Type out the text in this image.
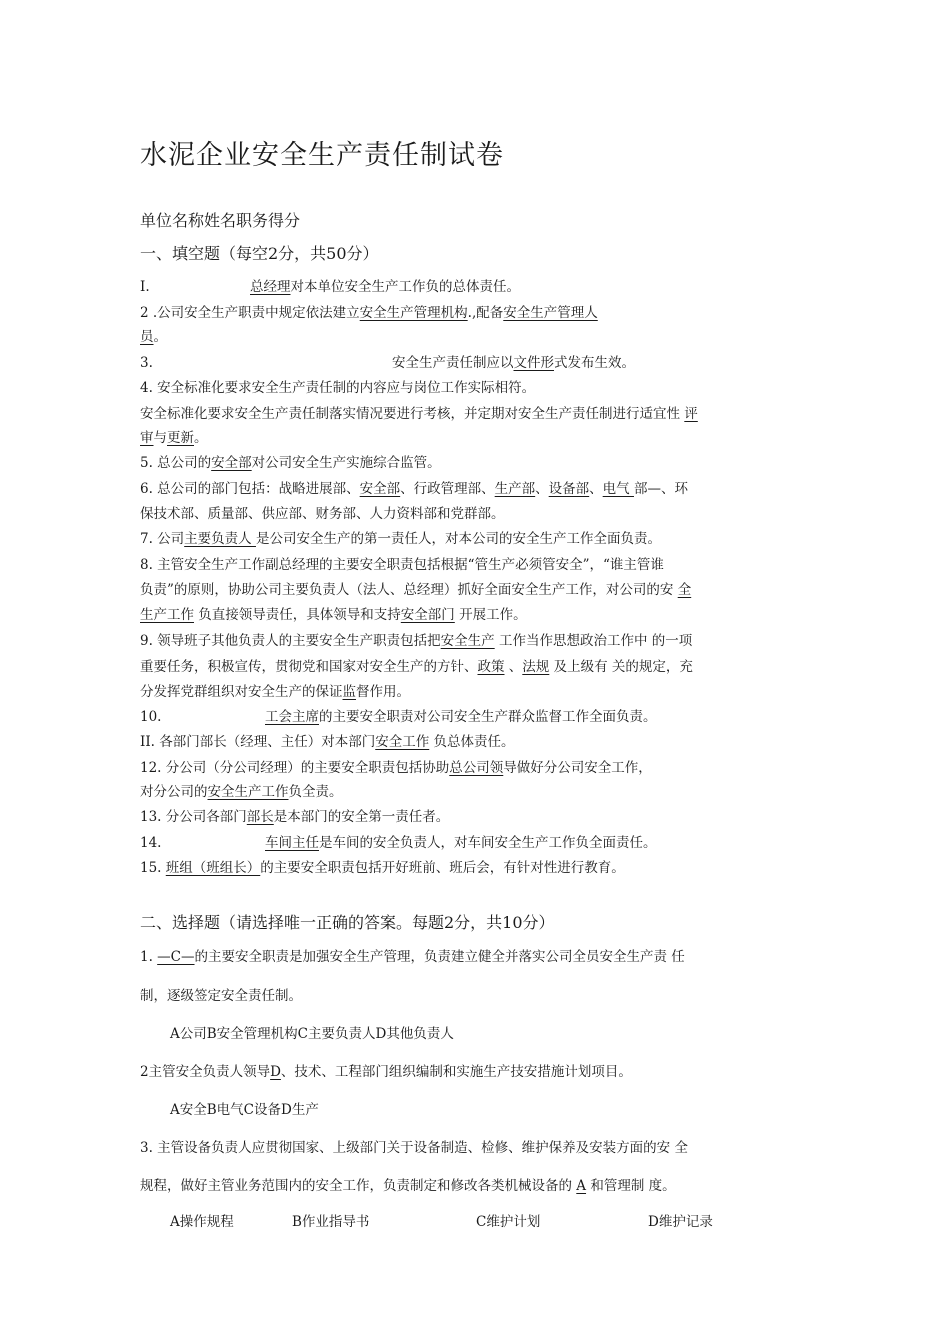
水泥企业安全生产责任制试卷
单位名称姓名职务得分
一、填空题（每空2分，共50分）
I.	总经理对本单位安全生产工作负的总体责任。
2 .公司安全生产职责中规定依法建立安全生产管理机构.,配备安全生产管理人
员。
3.	安全生产责任制应以文件形式发布生效。
4. 安全标准化要求安全生产责任制的内容应与岗位工作实际相符。
安全标准化要求安全生产责任制落实情况要进行考核，并定期对安全生产责任制进行适宜性 评
审与更新。
5. 总公司的安全部对公司安全生产实施综合监管。
6. 总公司的部门包括：战略进展部、安全部、行政管理部、生产部、设备部、电气 部—、环
保技术部、质量部、供应部、财务部、人力资料部和党群部。
7. 公司主要负责人 是公司安全生产的第一责任人，对本公司的安全生产工作全面负责。
8. 主管安全生产工作副总经理的主要安全职责包括根据“管生产必须管安全”，“谁主管谁
负责”的原则，协助公司主要负责人（法人、总经理）抓好全面安全生产工作，对公司的安 全
生产工作 负直接领导责任，具体领导和支持安全部门 开展工作。
9. 领导班子其他负责人的主要安全生产职责包括把安全生产 工作当作思想政治工作中 的一项
重要任务，积极宣传，贯彻党和国家对安全生产的方针、政策 、法规 及上级有 关的规定，充
分发挥党群组织对安全生产的保证监督作用。
10.	工会主席的主要安全职责对公司安全生产群众监督工作全面负责。
II. 各部门部长（经理、主任）对本部门安全工作 负总体责任。
12. 分公司（分公司经理）的主要安全职责包括协助总公司领导做好分公司安全工作，
对分公司的安全生产工作负全责。
13. 分公司各部门部长是本部门的安全第一责任者。
14.	车间主任是车间的安全负责人，对车间安全生产工作负全面责任。
15. 班组（班组长）的主要安全职责包括开好班前、班后会，有针对性进行教育。
二、选择题（请选择唯一正确的答案。每题2分，共10分）
1. —C—的主要安全职责是加强安全生产管理，负责建立健全并落实公司全员安全生产责 任
制，逐级签定安全责任制。
A公司B安全管理机构C主要负责人D其他负责人
2主管安全负责人领导D、技术、工程部门组织编制和实施生产技安措施计划项目。
A安全B电气C设备D生产
3. 主管设备负责人应贯彻国家、上级部门关于设备制造、检修、维护保养及安装方面的安 全
规程，做好主管业务范围内的安全工作，负责制定和修改各类机械设备的 A 和管理制 度。
A操作规程	B作业指导书	C维护计划	D维护记录
